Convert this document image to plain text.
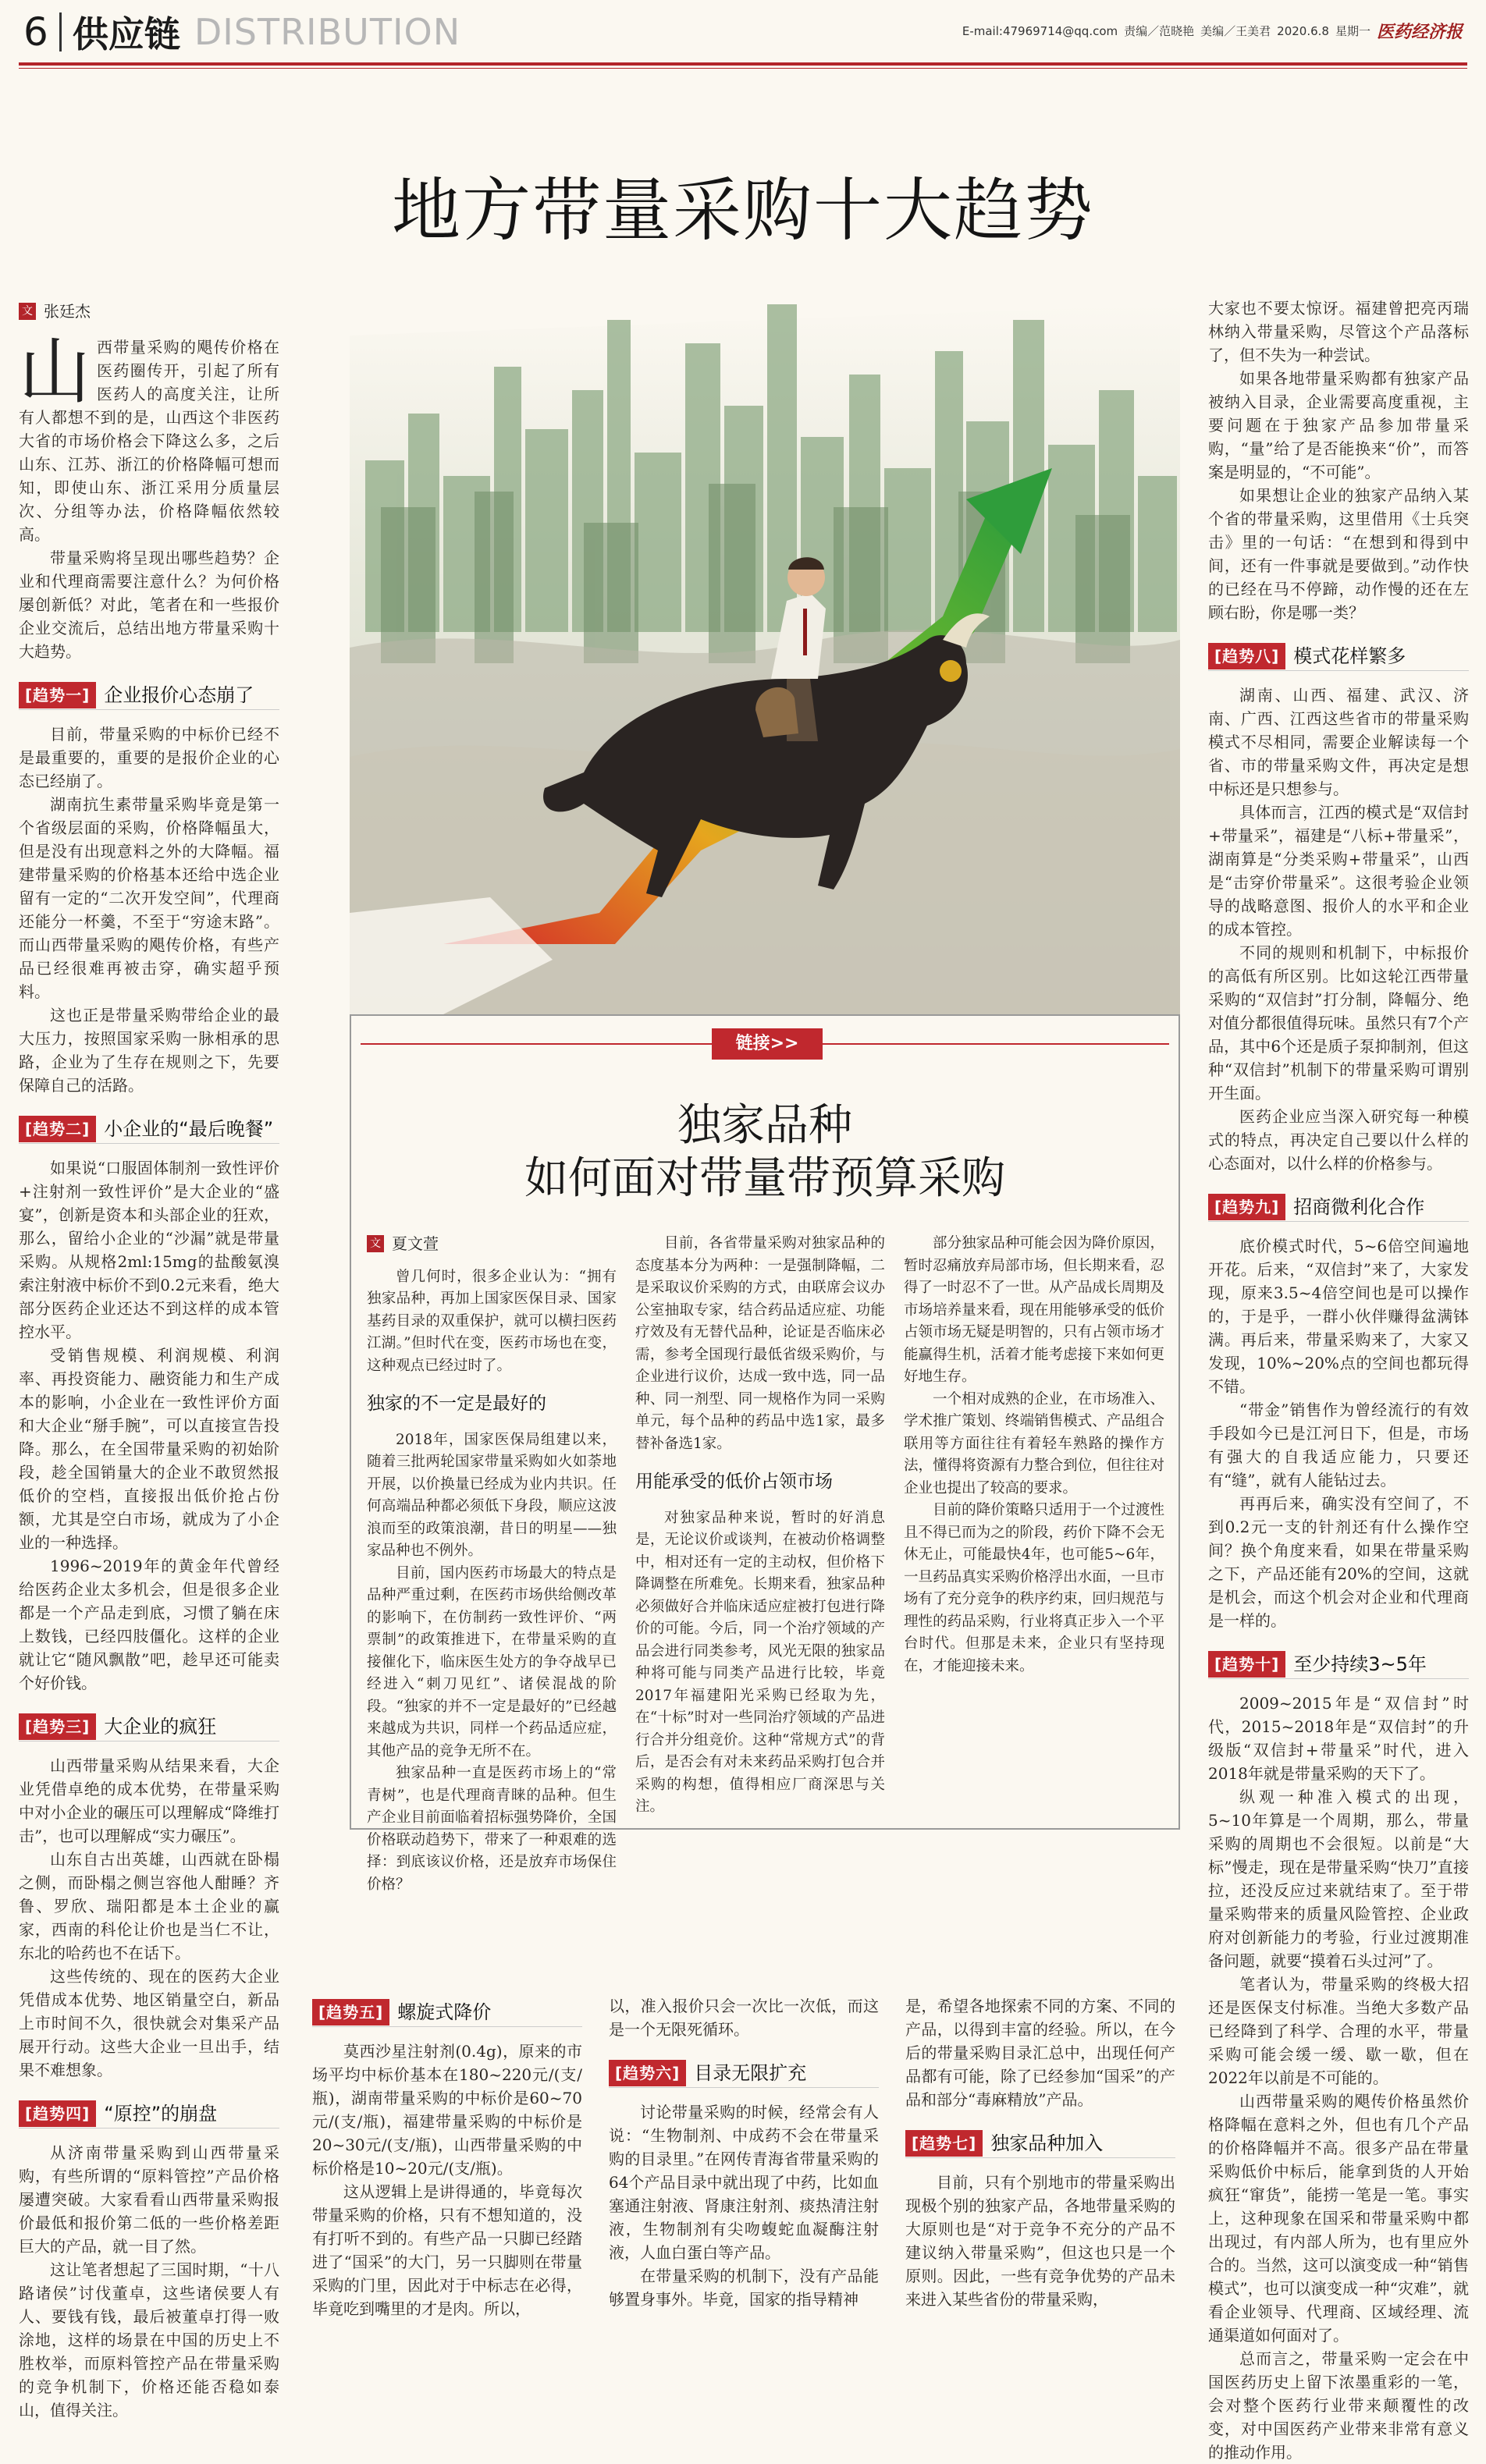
6 供应链 DISTRIBUTION	E-mail:47969714@qq.com 责编／范晓艳 美编／王美君 2020.6.8 星期一 医药经济报
地方带量采购十大趋势
文 张廷杰
山 西带量采购的飓传价格在医药圈传开，引起了所有医药人的高度关注，让所有人都想不到的是，山西这个非医药大省的市场价格会下降这么多，之后山东、江苏、浙江的价格降幅可想而知，即使山东、浙江采用分质量层次、分组等办法，价格降幅依然较高。

带量采购将呈现出哪些趋势？企业和代理商需要注意什么？为何价格屡创新低？对此，笔者在和一些报价企业交流后，总结出地方带量采购十大趋势。

[趋势一] 企业报价心态崩了

目前，带量采购的中标价已经不是最重要的，重要的是报价企业的心态已经崩了。

湖南抗生素带量采购毕竟是第一个省级层面的采购，价格降幅虽大，但是没有出现意料之外的大降幅。福建带量采购的价格基本还给中选企业留有一定的“二次开发空间”，代理商还能分一杯羹，不至于“穷途末路”。而山西带量采购的飓传价格，有些产品已经很难再被击穿，确实超乎预料。

这也正是带量采购带给企业的最大压力，按照国家采购一脉相承的思路，企业为了生存在规则之下，先要保障自己的活路。

[趋势二] 小企业的“最后晚餐”

如果说“口服固体制剂一致性评价+注射剂一致性评价”是大企业的“盛宴”，创新是资本和头部企业的狂欢，那么，留给小企业的“沙漏”就是带量采购。从规格2ml:15mg的盐酸氨溴索注射液中标价不到0.2元来看，绝大部分医药企业还达不到这样的成本管控水平。

受销售规模、利润规模、利润率、再投资能力、融资能力和生产成本的影响，小企业在一致性评价方面和大企业“掰手腕”，可以直接宣告投降。那么，在全国带量采购的初始阶段，趁全国销量大的企业不敢贸然报低价的空档，直接报出低价抢占份额，尤其是空白市场，就成为了小企业的一种选择。

1996~2019年的黄金年代曾经给医药企业太多机会，但是很多企业都是一个产品走到底，习惯了躺在床上数钱，已经四肢僵化。这样的企业就让它“随风飘散”吧，趁早还可能卖个好价钱。

[趋势三] 大企业的疯狂

山西带量采购从结果来看，大企业凭借卓绝的成本优势，在带量采购中对小企业的碾压可以理解成“降维打击”，也可以理解成“实力碾压”。

山东自古出英雄，山西就在卧榻之侧，而卧榻之侧岂容他人酣睡？齐鲁、罗欣、瑞阳都是本土企业的赢家，西南的科伦让价也是当仁不让，东北的哈药也不在话下。

这些传统的、现在的医药大企业凭借成本优势、地区销量空白，新品上市时间不久，很快就会对集采产品展开行动。这些大企业一旦出手，结果不难想象。

[趋势四] “原控”的崩盘

从济南带量采购到山西带量采购，有些所谓的“原料管控”产品价格屡遭突破。大家看看山西带量采购报价最低和报价第二低的一些价格差距巨大的产品，就一目了然。

这让笔者想起了三国时期，“十八路诸侯”讨伐董卓，这些诸侯要人有人、要钱有钱，最后被董卓打得一败涂地，这样的场景在中国的历史上不胜枚举，而原料管控产品在带量采购的竞争机制下，价格还能否稳如泰山，值得关注。

[趋势五] 螺旋式降价

莫西沙星注射剂(0.4g)，原来的市场平均中标价基本在180~220元/(支/瓶)，湖南带量采购的中标价是60~70元/(支/瓶)，福建带量采购的中标价是20~30元/(支/瓶)，山西带量采购的中标价格是10~20元/(支/瓶)。

这从逻辑上是讲得通的，毕竟每次带量采购的价格，只有不想知道的，没有打听不到的。有些产品一只脚已经踏进了“国采”的大门，另一只脚则在带量采购的门里，因此对于中标志在必得，毕竟吃到嘴里的才是肉。所以，

以，准入报价只会一次比一次低，而这是一个无限死循环。

[趋势六] 目录无限扩充

讨论带量采购的时候，经常会有人说：“生物制剂、中成药不会在带量采购的目录里。”在网传青海省带量采购的64个产品目录中就出现了中药，比如血塞通注射液、肾康注射剂、痰热清注射液，生物制剂有尖吻蝮蛇血凝酶注射液，人血白蛋白等产品。

在带量采购的机制下，没有产品能够置身事外。毕竟，国家的指导精神

是，希望各地探索不同的方案、不同的产品，以得到丰富的经验。所以，在今后的带量采购目录汇总中，出现任何产品都有可能，除了已经参加“国采”的产品和部分“毒麻精放”产品。

[趋势七] 独家品种加入

目前，只有个别地市的带量采购出现极个别的独家产品，各地带量采购的大原则也是“对于竞争不充分的产品不建议纳入带量采购”，但这也只是一个原则。因此，一些有竞争优势的产品未来进入某些省份的带量采购，

大家也不要太惊讶。福建曾把亮丙瑞林纳入带量采购，尽管这个产品落标了，但不失为一种尝试。

如果各地带量采购都有独家产品被纳入目录，企业需要高度重视，主要问题在于独家产品参加带量采购，“量”给了是否能换来“价”，而答案是明显的，“不可能”。

如果想让企业的独家产品纳入某个省的带量采购，这里借用《士兵突击》里的一句话：“在想到和得到中间，还有一件事就是要做到。”动作快的已经在马不停蹄，动作慢的还在左顾右盼，你是哪一类？

[趋势八] 模式花样繁多

湖南、山西、福建、武汉、济南、广西、江西这些省市的带量采购模式不尽相同，需要企业解读每一个省、市的带量采购文件，再决定是想中标还是只想参与。

具体而言，江西的模式是“双信封+带量采”，福建是“八标+带量采”，湖南算是“分类采购+带量采”，山西是“击穿价带量采”。这很考验企业领导的战略意图、报价人的水平和企业的成本管控。

不同的规则和机制下，中标报价的高低有所区别。比如这轮江西带量采购的“双信封”打分制，降幅分、绝对值分都很值得玩味。虽然只有7个产品，其中6个还是质子泵抑制剂，但这种“双信封”机制下的带量采购可谓别开生面。

医药企业应当深入研究每一种模式的特点，再决定自己要以什么样的心态面对，以什么样的价格参与。

[趋势九] 招商微利化合作

底价模式时代，5~6倍空间遍地开花。后来，“双信封”来了，大家发现，原来3.5~4倍空间也是可以操作的，于是乎，一群小伙伴赚得盆满钵满。再后来，带量采购来了，大家又发现，10%~20%点的空间也都玩得不错。

“带金”销售作为曾经流行的有效手段如今已是江河日下，但是，市场有强大的自我适应能力，只要还有“缝”，就有人能钻过去。

再再后来，确实没有空间了，不到0.2元一支的针剂还有什么操作空间？换个角度来看，如果在带量采购之下，产品还能有20%的空间，这就是机会，而这个机会对企业和代理商是一样的。

[趋势十] 至少持续3~5年

2009~2015年是“双信封”时代，2015~2018年是“双信封”的升级版“双信封+带量采”时代，进入2018年就是带量采购的天下了。

纵观一种准入模式的出现，5~10年算是一个周期，那么，带量采购的周期也不会很短。以前是“大标”慢走，现在是带量采购“快刀”直接拉，还没反应过来就结束了。至于带量采购带来的质量风险管控、企业政府对创新能力的考验，行业过渡期准备问题，就要“摸着石头过河”了。

笔者认为，带量采购的终极大招还是医保支付标准。当绝大多数产品已经降到了科学、合理的水平，带量采购可能会缓一缓、歇一歇，但在2022年以前是不可能的。

山西带量采购的飓传价格虽然价格降幅在意料之外，但也有几个产品的价格降幅并不高。很多产品在带量采购低价中标后，能拿到货的人开始疯狂“窜货”，能捞一笔是一笔。事实上，这种现象在国采和带量采购中都出现过，有内部人所为，也有里应外合的。当然，这可以演变成一种“销售模式”，也可以演变成一种“灾难”，就看企业领导、代理商、区域经理、流通渠道如何面对了。

总而言之，带量采购一定会在中国医药历史上留下浓墨重彩的一笔，会对整个医药行业带来颠覆性的改变，对中国医药产业带来非常有意义的推动作用。

链接>>
独家品种
如何面对带量带预算采购
文 夏文萱

曾几何时，很多企业认为：“拥有独家品种，再加上国家医保目录、国家基药目录的双重保护，就可以横扫医药江湖。”但时代在变，医药市场也在变，这种观点已经过时了。

独家的不一定是最好的

2018年，国家医保局组建以来，随着三批两轮国家带量采购如火如荼地开展，以价换量已经成为业内共识。任何高端品种都必须低下身段，顺应这波浪而至的政策浪潮，昔日的明星——独家品种也不例外。

目前，国内医药市场最大的特点是品种严重过剩，在医药市场供给侧改革的影响下，在仿制药一致性评价、“两票制”的政策推进下，在带量采购的直接催化下，临床医生处方的争夺战早已经进入“刺刀见红”、诸侯混战的阶段。“独家的并不一定是最好的”已经越来越成为共识，同样一个药品适应症，其他产品的竞争无所不在。

独家品种一直是医药市场上的“常青树”，也是代理商青睐的品种。但生产企业目前面临着招标强势降价，全国价格联动趋势下，带来了一种艰难的选择：到底该议价格，还是放弃市场保住价格？

目前，各省带量采购对独家品种的态度基本分为两种：一是强制降幅，二是采取议价采购的方式，由联席会议办公室抽取专家，结合药品适应症、功能疗效及有无替代品种，论证是否临床必需，参考全国现行最低省级采购价，与企业进行议价，达成一致中选，同一品种、同一剂型、同一规格作为同一采购单元，每个品种的药品中选1家，最多替补备选1家。

用能承受的低价占领市场

对独家品种来说，暂时的好消息是，无论议价或谈判，在被动价格调整中，相对还有一定的主动权，但价格下降调整在所难免。长期来看，独家品种必须做好合并临床适应症被打包进行降价的可能。今后，同一个治疗领域的产品会进行同类参考，风光无限的独家品种将可能与同类产品进行比较，毕竟2017年福建阳光采购已经取为先，在“十标”时对一些同治疗领域的产品进行合并分组竞价。这种“常规方式”的背后，是否会有对未来药品采购打包合并采购的构想，值得相应厂商深思与关注。

部分独家品种可能会因为降价原因，暂时忍痛放弃局部市场，但长期来看，忍得了一时忍不了一世。从产品成长周期及市场培养量来看，现在用能够承受的低价占领市场无疑是明智的，只有占领市场才能赢得生机，活着才能考虑接下来如何更好地生存。

一个相对成熟的企业，在市场准入、学术推广策划、终端销售模式、产品组合联用等方面往往有着轻车熟路的操作方法，懂得将资源有力整合到位，但往往对企业也提出了较高的要求。

目前的降价策略只适用于一个过渡性且不得已而为之的阶段，药价下降不会无休无止，可能最快4年，也可能5~6年，一旦药品真实采购价格浮出水面，一旦市场有了充分竞争的秩序约束，回归规范与理性的药品采购，行业将真正步入一个平台时代。但那是未来，企业只有坚持现在，才能迎接未来。
